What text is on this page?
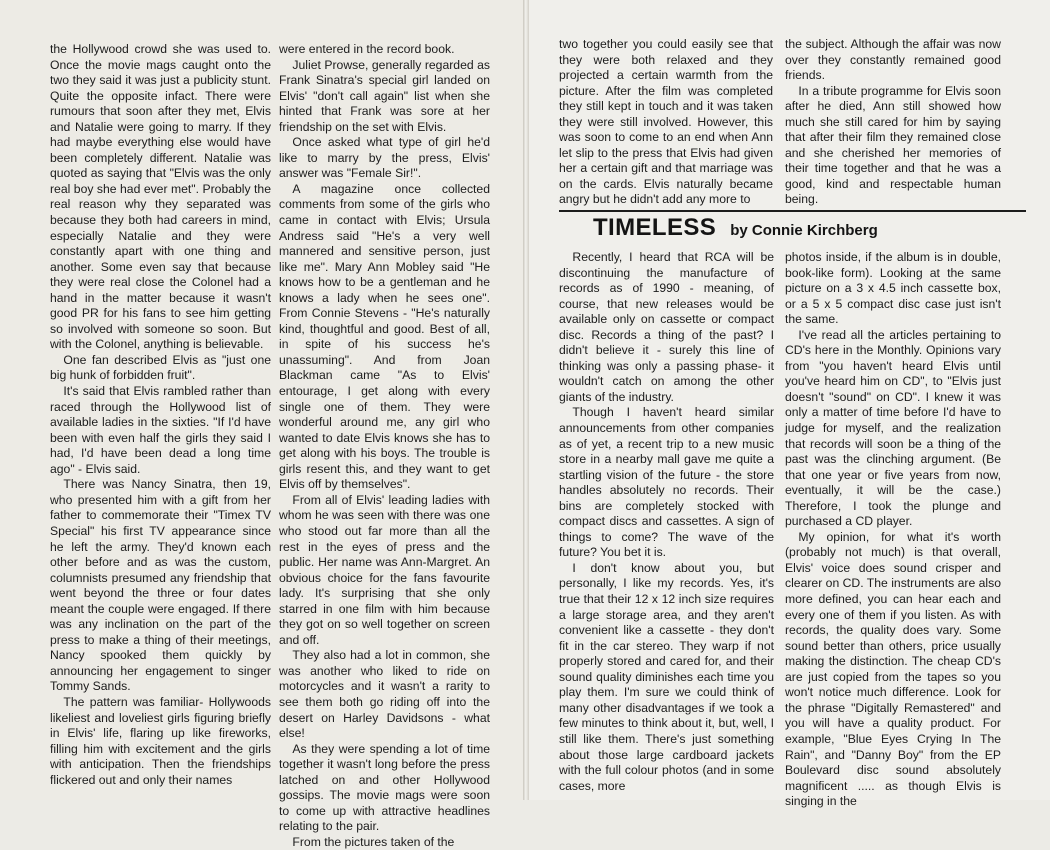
the Hollywood crowd she was used to. Once the movie mags caught onto the two they said it was just a publicity stunt. Quite the opposite infact. There were rumours that soon after they met, Elvis and Natalie were going to marry. If they had maybe everything else would have been completely different. Natalie was quoted as saying that "Elvis was the only real boy she had ever met". Probably the real reason why they separated was because they both had careers in mind, especially Natalie and they were constantly apart with one thing and another. Some even say that because they were real close the Colonel had a hand in the matter because it wasn't good PR for his fans to see him getting so involved with someone so soon. But with the Colonel, anything is believable.

One fan described Elvis as "just one big hunk of forbidden fruit".

It's said that Elvis rambled rather than raced through the Hollywood list of available ladies in the sixties. "If I'd have been with even half the girls they said I had, I'd have been dead a long time ago" - Elvis said.

There was Nancy Sinatra, then 19, who presented him with a gift from her father to commemorate their "Timex TV Special" his first TV appearance since he left the army. They'd known each other before and as was the custom, columnists presumed any friendship that went beyond the three or four dates meant the couple were engaged. If there was any inclination on the part of the press to make a thing of their meetings, Nancy spooked them quickly by announcing her engagement to singer Tommy Sands.

The pattern was familiar- Hollywoods likeliest and loveliest girls figuring briefly in Elvis' life, flaring up like fireworks, filling him with excitement and the girls with anticipation. Then the friendships flickered out and only their names

were entered in the record book.

Juliet Prowse, generally regarded as Frank Sinatra's special girl landed on Elvis' "don't call again" list when she hinted that Frank was sore at her friendship on the set with Elvis.

Once asked what type of girl he'd like to marry by the press, Elvis' answer was "Female Sir!".

A magazine once collected comments from some of the girls who came in contact with Elvis; Ursula Andress said "He's a very well mannered and sensitive person, just like me". Mary Ann Mobley said "He knows how to be a gentleman and he knows a lady when he sees one". From Connie Stevens - "He's naturally kind, thoughtful and good. Best of all, in spite of his success he's unassuming". And from Joan Blackman came "As to Elvis' entourage, I get along with every single one of them. They were wonderful around me, any girl who wanted to date Elvis knows she has to get along with his boys. The trouble is girls resent this, and they want to get Elvis off by themselves".

From all of Elvis' leading ladies with whom he was seen with there was one who stood out far more than all the rest in the eyes of press and the public. Her name was Ann-Margret. An obvious choice for the fans favourite lady. It's surprising that she only starred in one film with him because they got on so well together on screen and off.

They also had a lot in common, she was another who liked to ride on motorcycles and it wasn't a rarity to see them both go riding off into the desert on Harley Davidsons - what else!

As they were spending a lot of time together it wasn't long before the press latched on and other Hollywood gossips. The movie mags were soon to come up with attractive headlines relating to the pair.

From the pictures taken of the

two together you could easily see that they were both relaxed and they projected a certain warmth from the picture. After the film was completed they still kept in touch and it was taken they were still involved. However, this was soon to come to an end when Ann let slip to the press that Elvis had given her a certain gift and that marriage was on the cards. Elvis naturally became angry but he didn't add any more to

the subject. Although the affair was now over they constantly remained good friends.

In a tribute programme for Elvis soon after he died, Ann still showed how much she still cared for him by saying that after their film they remained close and she cherished her memories of their time together and that he was a good, kind and respectable human being.

TIMELESS by Connie Kirchberg

Recently, I heard that RCA will be discontinuing the manufacture of records as of 1990 - meaning, of course, that new releases would be available only on cassette or compact disc. Records a thing of the past? I didn't believe it - surely this line of thinking was only a passing phase- it wouldn't catch on among the other giants of the industry.

Though I haven't heard similar announcements from other companies as of yet, a recent trip to a new music store in a nearby mall gave me quite a startling vision of the future - the store handles absolutely no records. Their bins are completely stocked with compact discs and cassettes. A sign of things to come? The wave of the future? You bet it is.

I don't know about you, but personally, I like my records. Yes, it's true that their 12 x 12 inch size requires a large storage area, and they aren't convenient like a cassette - they don't fit in the car stereo. They warp if not properly stored and cared for, and their sound quality diminishes each time you play them. I'm sure we could think of many other disadvantages if we took a few minutes to think about it, but, well, I still like them. There's just something about those large cardboard jackets with the full colour photos (and in some cases, more

photos inside, if the album is in double, book-like form). Looking at the same picture on a 3 x 4.5 inch cassette box, or a 5 x 5 compact disc case just isn't the same.

I've read all the articles pertaining to CD's here in the Monthly. Opinions vary from "you haven't heard Elvis until you've heard him on CD", to "Elvis just doesn't "sound" on CD". I knew it was only a matter of time before I'd have to judge for myself, and the realization that records will soon be a thing of the past was the clinching argument. (Be that one year or five years from now, eventually, it will be the case.) Therefore, I took the plunge and purchased a CD player.

My opinion, for what it's worth (probably not much) is that overall, Elvis' voice does sound crisper and clearer on CD. The instruments are also more defined, you can hear each and every one of them if you listen. As with records, the quality does vary. Some sound better than others, price usually making the distinction. The cheap CD's are just copied from the tapes so you won't notice much difference. Look for the phrase "Digitally Remastered" and you will have a quality product. For example, "Blue Eyes Crying In The Rain", and "Danny Boy" from the EP Boulevard disc sound absolutely magnificent ..... as though Elvis is singing in the
